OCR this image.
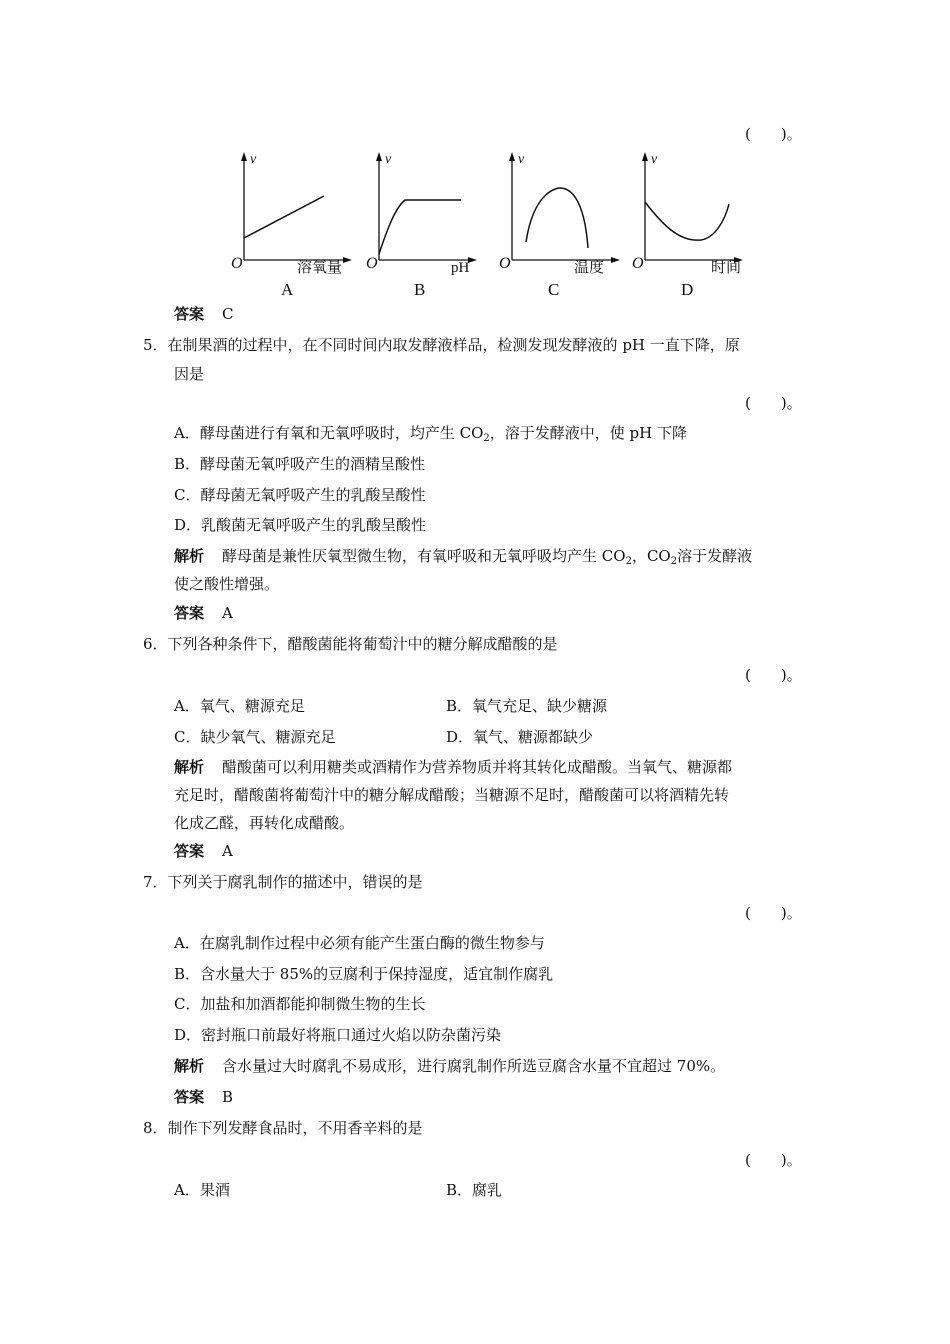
(　　)。
v
O	溶氧量
A
v
O	pH
B
v
O	温度
C
v
O	时间
D
答案 C
5．在制果酒的过程中，在不同时间内取发酵液样品，检测发现发酵液的 pH 一直下降，原
因是
(　　)。
A．酵母菌进行有氧和无氧呼吸时，均产生 $CO_2$，溶于发酵液中，使 pH 下降
B．酵母菌无氧呼吸产生的酒精呈酸性
C．酵母菌无氧呼吸产生的乳酸呈酸性
D．乳酸菌无氧呼吸产生的乳酸呈酸性
解析 酵母菌是兼性厌氧型微生物，有氧呼吸和无氧呼吸均产生 $CO_2$，$CO_2$溶于发酵液
使之酸性增强。
答案 A
6．下列各种条件下，醋酸菌能将葡萄汁中的糖分解成醋酸的是
(　　)。
A．氧气、糖源充足	B．氧气充足、缺少糖源
C．缺少氧气、糖源充足	D．氧气、糖源都缺少
解析 醋酸菌可以利用糖类或酒精作为营养物质并将其转化成醋酸。当氧气、糖源都
充足时，醋酸菌将葡萄汁中的糖分解成醋酸；当糖源不足时，醋酸菌可以将酒精先转
化成乙醛，再转化成醋酸。
答案 A
7．下列关于腐乳制作的描述中，错误的是
(　　)。
A．在腐乳制作过程中必须有能产生蛋白酶的微生物参与
B．含水量大于 85%的豆腐利于保持湿度，适宜制作腐乳
C．加盐和加酒都能抑制微生物的生长
D．密封瓶口前最好将瓶口通过火焰以防杂菌污染
解析 含水量过大时腐乳不易成形，进行腐乳制作所选豆腐含水量不宜超过 70%。
答案 B
8．制作下列发酵食品时，不用香辛料的是
(　　)。
A．果酒	B．腐乳
